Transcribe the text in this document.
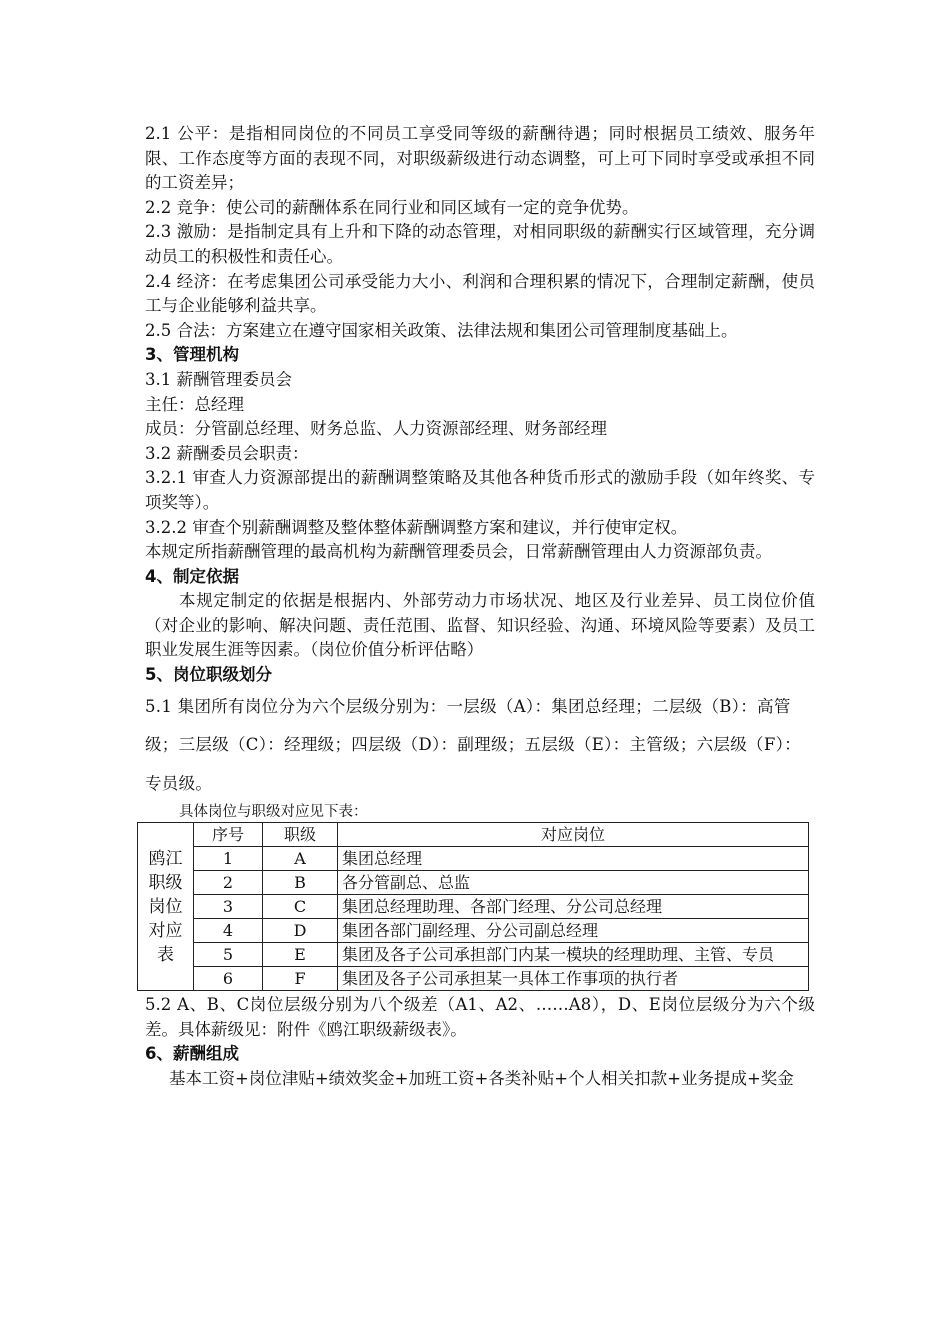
2.1 公平：是指相同岗位的不同员工享受同等级的薪酬待遇；同时根据员工绩效、服务年限、工作态度等方面的表现不同，对职级薪级进行动态调整，可上可下同时享受或承担不同的工资差异；

2.2 竞争：使公司的薪酬体系在同行业和同区域有一定的竞争优势。

2.3 激励：是指制定具有上升和下降的动态管理，对相同职级的薪酬实行区域管理，充分调动员工的积极性和责任心。

2.4 经济：在考虑集团公司承受能力大小、利润和合理积累的情况下，合理制定薪酬，使员工与企业能够利益共享。

2.5 合法：方案建立在遵守国家相关政策、法律法规和集团公司管理制度基础上。

3、管理机构

3.1 薪酬管理委员会

主任：总经理

成员：分管副总经理、财务总监、人力资源部经理、财务部经理

3.2 薪酬委员会职责：

3.2.1 审查人力资源部提出的薪酬调整策略及其他各种货币形式的激励手段（如年终奖、专项奖等）。

3.2.2 审查个别薪酬调整及整体整体薪酬调整方案和建议，并行使审定权。

本规定所指薪酬管理的最高机构为薪酬管理委员会，日常薪酬管理由人力资源部负责。

4、制定依据

本规定制定的依据是根据内、外部劳动力市场状况、地区及行业差异、员工岗位价值（对企业的影响、解决问题、责任范围、监督、知识经验、沟通、环境风险等要素）及员工职业发展生涯等因素。（岗位价值分析评估略）

5、岗位职级划分

5.1 集团所有岗位分为六个层级分别为：一层级（A）：集团总经理；二层级（B）：高管级；三层级（C）：经理级；四层级（D）：副理级；五层级（E）：主管级；六层级（F）：专员级。

具体岗位与职级对应见下表：

鸥江
职级
岗位
对应
表	序号	职级	对应岗位
	1	A	集团总经理
	2	B	各分管副总、总监
	3	C	集团总经理助理、各部门经理、分公司总经理
	4	D	集团各部门副经理、分公司副总经理
	5	E	集团及各子公司承担部门内某一模块的经理助理、主管、专员
	6	F	集团及各子公司承担某一具体工作事项的执行者

5.2 A、B、C岗位层级分别为八个级差（A1、A2、……A8），D、E岗位层级分为六个级差。具体薪级见：附件《鸥江职级薪级表》。

6、薪酬组成

基本工资+岗位津贴+绩效奖金+加班工资+各类补贴+个人相关扣款+业务提成+奖金
